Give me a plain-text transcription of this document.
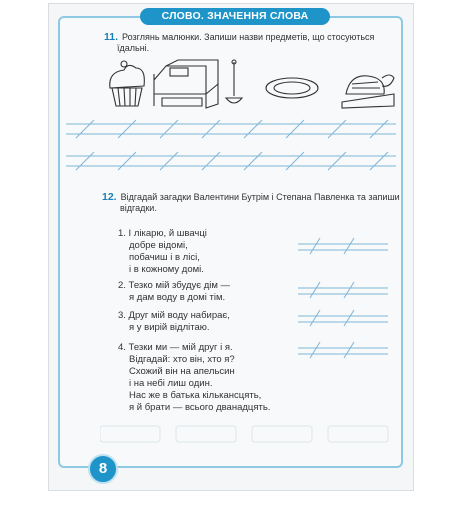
СЛОВО. ЗНАЧЕННЯ СЛОВА
11. Розглянь малюнки. Запиши назви предметів, що стосуються
їдальні.
12. Відгадай загадки Валентини Бутрім і Степана Павленка та запиши
відгадки.
1. І лікарю, й швачці
добре відомі,
побачиш і в лісі,
і в кожному домі.
2. Тезко мій збудує дім —
я дам воду в домі тім.
3. Друг мій воду набирає,
я у вирій відлітаю.
4. Тезки ми — мій друг і я.
Відгадай: хто він, хто я?
Схожий він на апельсин
і на небі лиш один.
Нас же в батька кількансцять,
я й брати — всього дванадцять.
8
